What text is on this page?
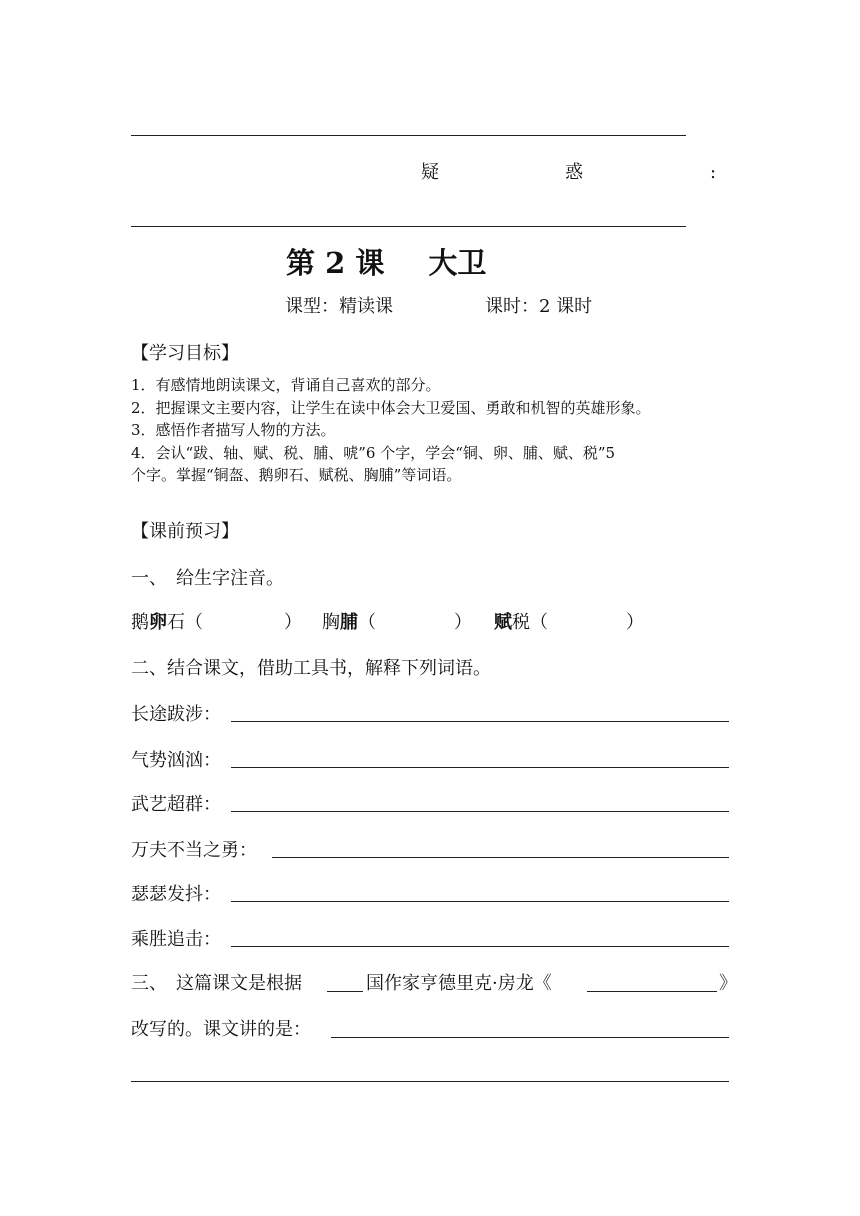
疑	惑	:
第 2 课 大卫
课型：精读课	课时：2 课时
【学习目标】
1．有感情地朗读课文，背诵自己喜欢的部分。
2．把握课文主要内容，让学生在读中体会大卫爱国、勇敢和机智的英雄形象。
3．感悟作者描写人物的方法。
4．会认“跋、轴、赋、税、脯、唬”6 个字，学会“铜、卵、脯、赋、税”5
个字。掌握“铜盔、鹅卵石、赋税、胸脯”等词语。
【课前预习】
一、　给生字注音。
鹅卵石（	） 胸脯（	） 赋税（	）
二、结合课文，借助工具书，解释下列词语。
长途跋涉：
气势汹汹：
武艺超群：
万夫不当之勇：
瑟瑟发抖：
乘胜追击：
三、　这篇课文是根据	国作家亨德里克·房龙《	》
改写的。课文讲的是：
